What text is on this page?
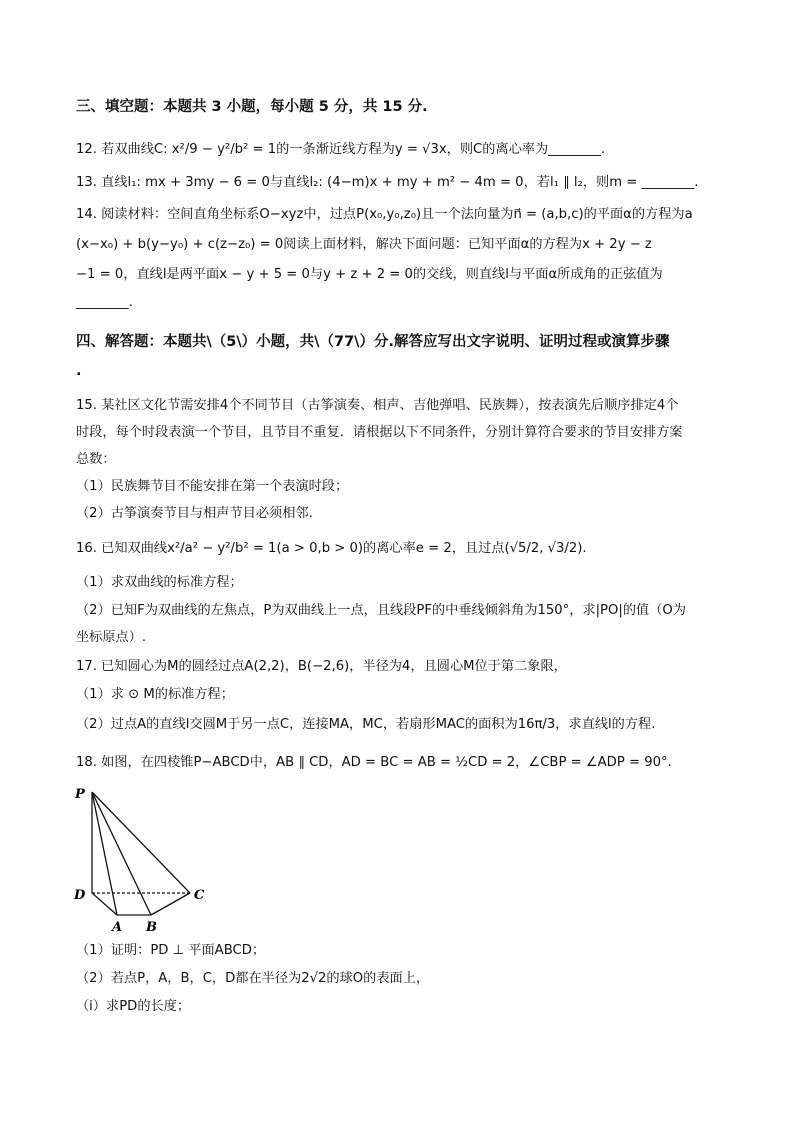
三、填空题：本题共 3 小题，每小题 5 分，共 15 分.
12. 若双曲线C: x²/9 − y²/b² = 1的一条渐近线方程为y = √3x，则C的离心率为________.
13. 直线l₁: mx + 3my − 6 = 0与直线l₂: (4−m)x + my + m² − 4m = 0，若l₁ ∥ l₂，则m = ________.
14. 阅读材料：空间直角坐标系O−xyz中，过点P(x₀,y₀,z₀)且一个法向量为n⃗ = (a,b,c)的平面α的方程为a
(x−x₀) + b(y−y₀) + c(z−z₀) = 0阅读上面材料，解决下面问题：已知平面α的方程为x + 2y − z
−1 = 0，直线l是两平面x − y + 5 = 0与y + z + 2 = 0的交线，则直线l与平面α所成角的正弦值为
________.
四、解答题：本题共\（5\）小题，共\（77\）分.解答应写出文字说明、证明过程或演算步骤
.
15. 某社区文化节需安排4个不同节目（古筝演奏、相声、吉他弹唱、民族舞），按表演先后顺序排定4个
时段，每个时段表演一个节目，且节目不重复．请根据以下不同条件，分别计算符合要求的节目安排方案
总数：
（1）民族舞节目不能安排在第一个表演时段；
（2）古筝演奏节目与相声节目必须相邻.
16. 已知双曲线x²/a² − y²/b² = 1(a > 0,b > 0)的离心率e = 2，且过点(√5/2, √3/2).
（1）求双曲线的标准方程；
（2）已知F为双曲线的左焦点，P为双曲线上一点，且线段PF的中垂线倾斜角为150°，求|PO|的值（O为
坐标原点）.
17. 已知圆心为M的圆经过点A(2,2)，B(−2,6)，半径为4，且圆心M位于第二象限，
（1）求 ⊙ M的标准方程；
（2）过点A的直线l交圆M于另一点C，连接MA，MC，若扇形MAC的面积为16π/3，求直线l的方程.
18. 如图，在四棱锥P−ABCD中，AB ∥ CD，AD = BC = AB = ½CD = 2，∠CBP = ∠ADP = 90°.
P
D	C
A B
（1）证明：PD ⊥ 平面ABCD；
（2）若点P，A，B，C，D都在半径为2√2的球O的表面上，
（i）求PD的长度；
